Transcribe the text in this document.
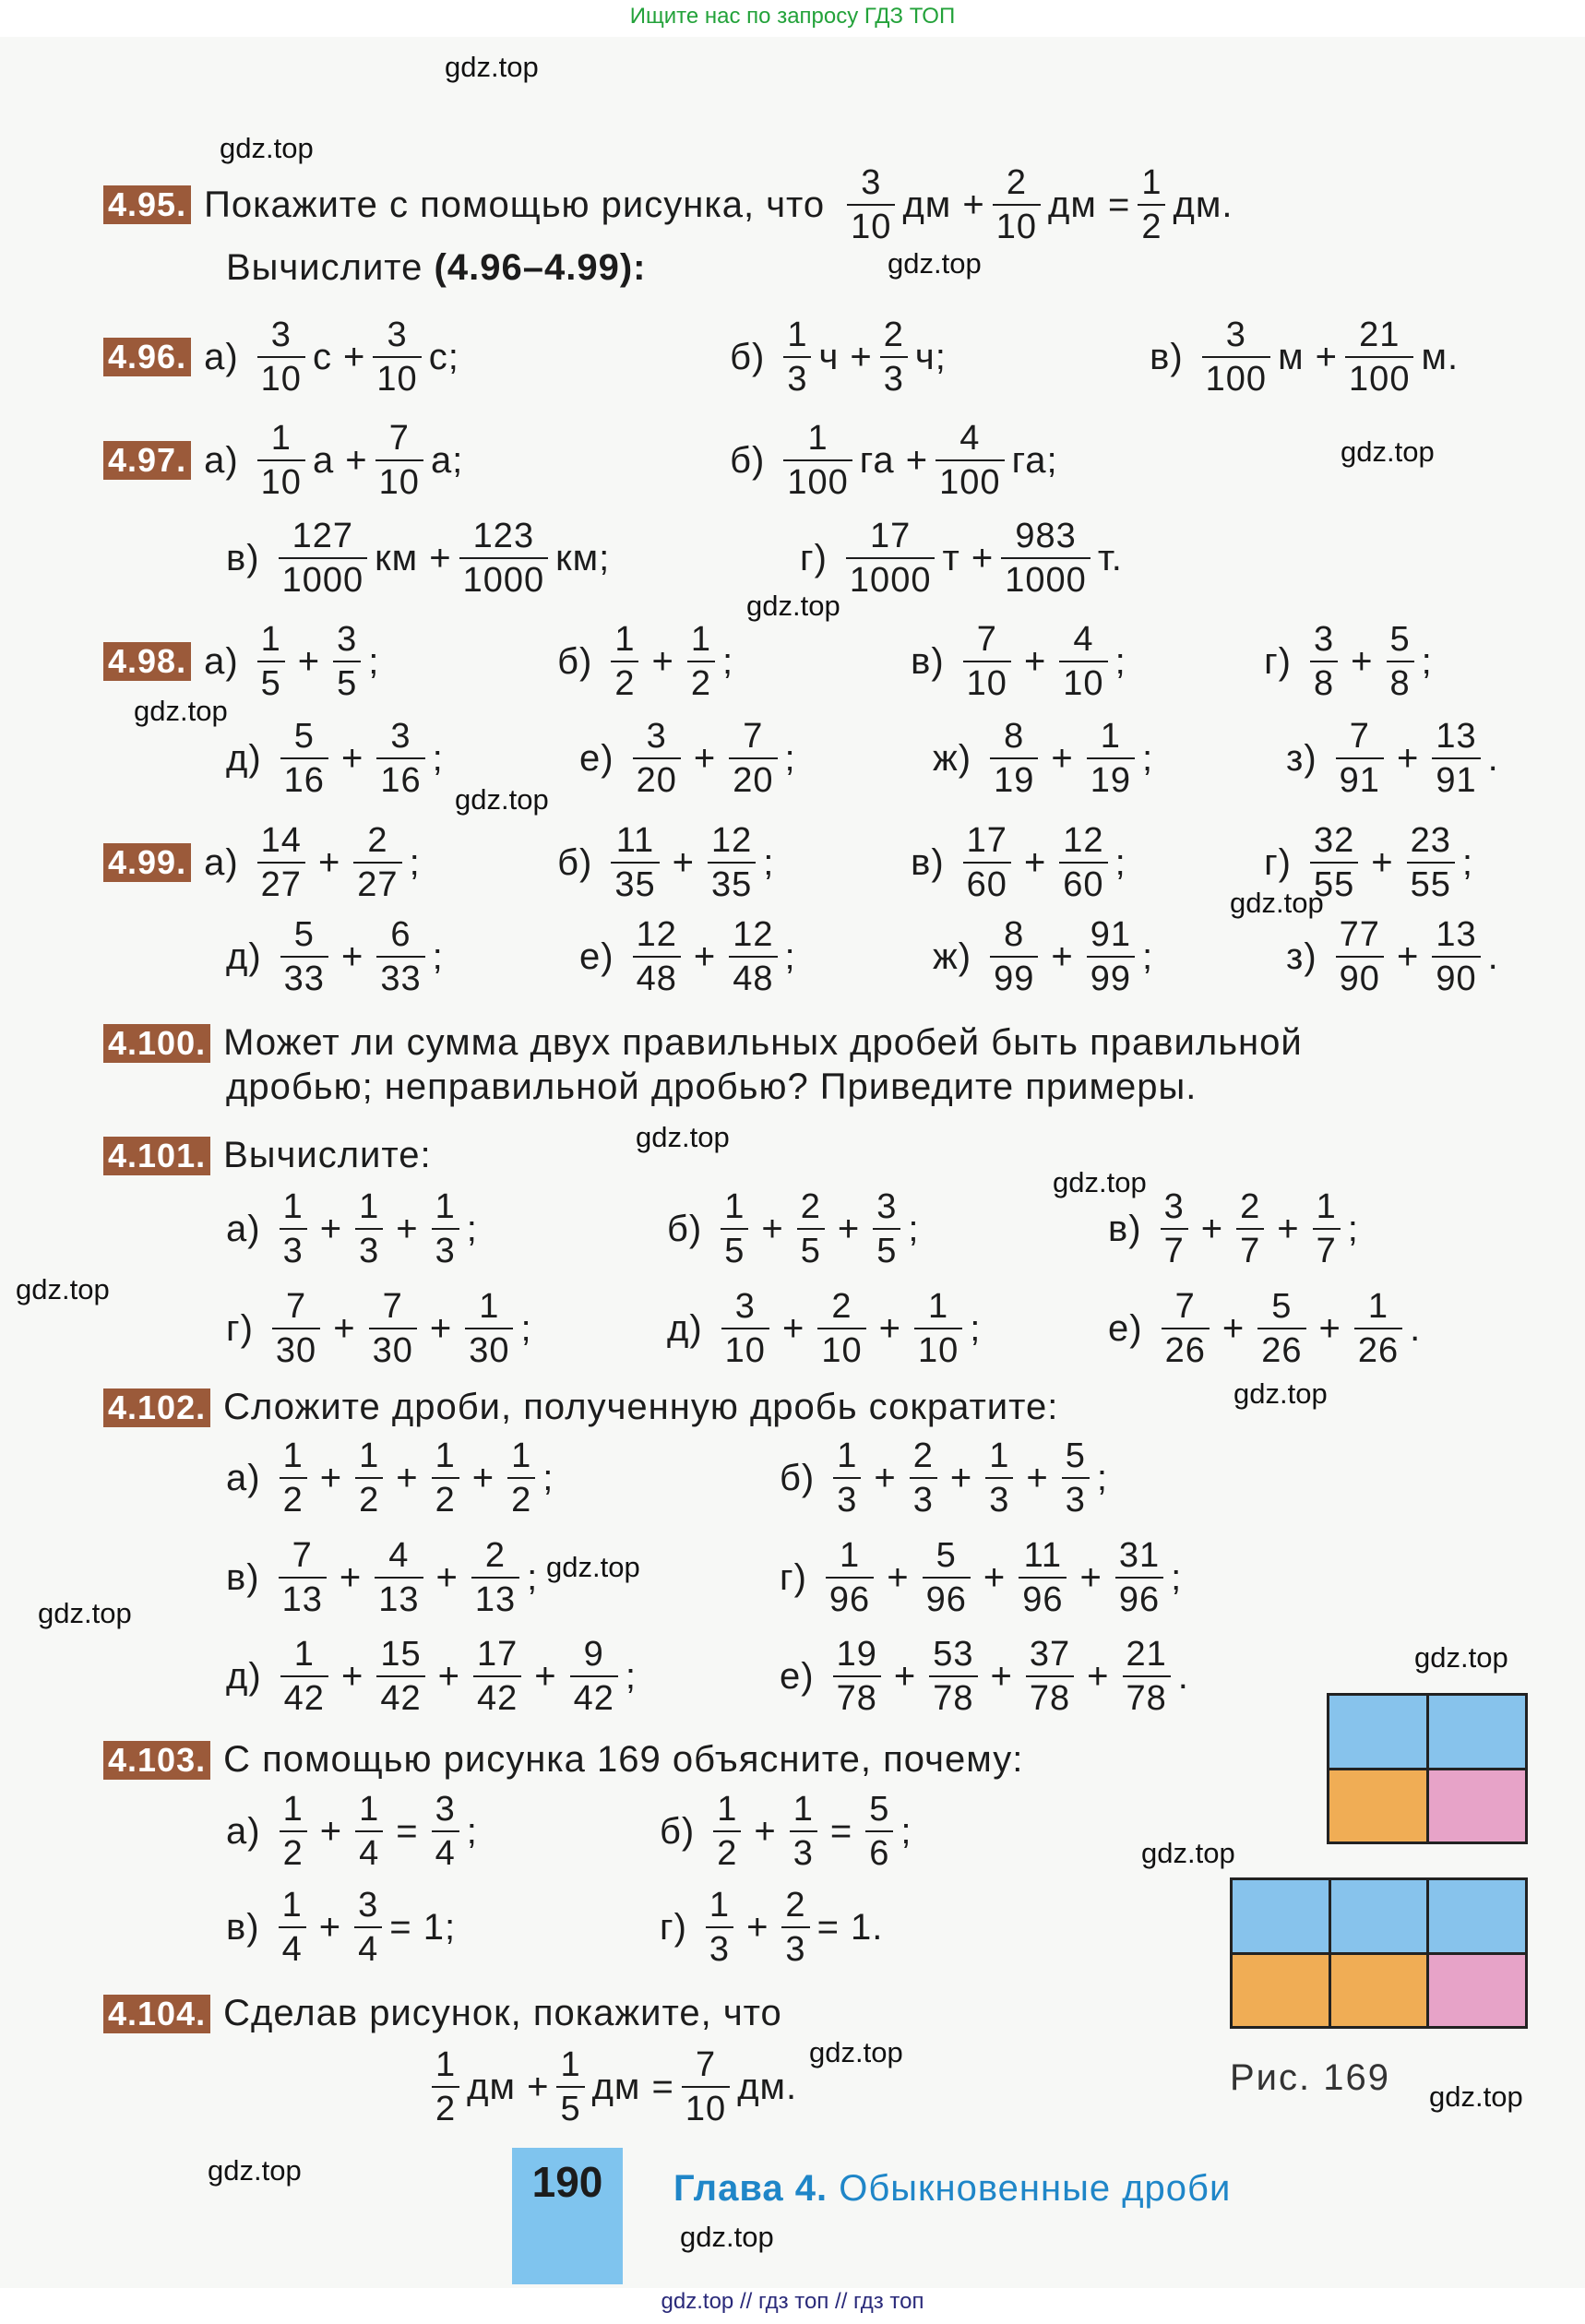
Ищите нас по запросу ГДЗ ТОП
gdz.top
gdz.top
gdz.top
gdz.top
gdz.top
gdz.top
gdz.top
gdz.top
gdz.top
gdz.top
gdz.top
gdz.top
gdz.top
gdz.top
gdz.top
gdz.top
gdz.top
gdz.top
gdz.top
gdz.top
4.95. Покажите с помощью рисунка, что $\frac{3}{10}$ дм + $\frac{2}{10}$ дм = $\frac{1}{2}$ дм.
Вычислите (4.96–4.99):
4.96. $а) \frac{3}{10}$ $с + \frac{3}{10} с$;	$б) \frac{1}{3}$ $ч + \frac{2}{3} ч$;	$в) \frac{3}{100}$ $м + \frac{21}{100} м$.
4.97. $а) \frac{1}{10}$ $а + \frac{7}{10} а$;	$б) \frac{1}{100}$ га + $\frac{4}{100}$ га;
$в) \frac{127}{1000}$ км + $\frac{123}{1000}$ км;	$г) \frac{17}{1000}$ $т + \frac{983}{1000} т$.
4.98. $а) \frac{1}{5} + \frac{3}{5}$ ;	$б) \frac{1}{2} + \frac{1}{2}$ ;	$в) \frac{7}{10} + \frac{4}{10}$ ;	$г) \frac{3}{8} + \frac{5}{8}$ ;
$д) \frac{5}{16} + \frac{3}{16}$ ;	$е) \frac{3}{20} + \frac{7}{20}$ ;	$ж) \frac{8}{19} + \frac{1}{19}$ ;	$з) \frac{7}{91} + \frac{13}{91}$ .
4.99. $а) \frac{14}{27} + \frac{2}{27}$ ;	$б) \frac{11}{35} + \frac{12}{35}$ ;	$в) \frac{17}{60} + \frac{12}{60}$ ;	$г) \frac{32}{55} + \frac{23}{55}$ ;
$д) \frac{5}{33} + \frac{6}{33}$ ;	$е) \frac{12}{48} + \frac{12}{48}$ ;	$ж) \frac{8}{99} + \frac{91}{99}$ ;	$з) \frac{77}{90} + \frac{13}{90}$ .
4.100. Может ли сумма двух правильных дробей быть правильной
дробью; неправильной дробью? Приведите примеры.
4.101. Вычислите:
$а) \frac{1}{3} + \frac{1}{3} + \frac{1}{3}$ ;	$б) \frac{1}{5} + \frac{2}{5} + \frac{3}{5}$ ;	$в) \frac{3}{7} + \frac{2}{7} + \frac{1}{7}$ ;
$г) \frac{7}{30} + \frac{7}{30} + \frac{1}{30}$ ;	$д) \frac{3}{10} + \frac{2}{10} + \frac{1}{10}$ ;	$е) \frac{7}{26} + \frac{5}{26} + \frac{1}{26}$ .
4.102. Сложите дроби, полученную дробь сократите:
$а) \frac{1}{2} + \frac{1}{2} + \frac{1}{2} + \frac{1}{2}$ ;	$б) \frac{1}{3} + \frac{2}{3} + \frac{1}{3} + \frac{5}{3}$ ;
$в) \frac{7}{13} + \frac{4}{13} + \frac{2}{13}$ ;	$г) \frac{1}{96} + \frac{5}{96} + \frac{11}{96} + \frac{31}{96}$ ;
$д) \frac{1}{42} + \frac{15}{42} + \frac{17}{42} + \frac{9}{42}$ ;	$е) \frac{19}{78} + \frac{53}{78} + \frac{37}{78} + \frac{21}{78}$ .
4.103. С помощью рисунка 169 объясните, почему:
$а) \frac{1}{2} + \frac{1}{4} = \frac{3}{4}$ ;	$б) \frac{1}{2} + \frac{1}{3} = \frac{5}{6}$ ;
$в) \frac{1}{4} + \frac{3}{4} = 1$;	$г) \frac{1}{3} + \frac{2}{3} = 1$.
4.104. Сделав рисунок, покажите, что
$\frac{1}{2}$ дм + $\frac{1}{5}$ дм = $\frac{7}{10}$ дм.	Рис. 169
190	Глава 4. Обыкновенные дроби
gdz.top // гдз топ // гдз топ
